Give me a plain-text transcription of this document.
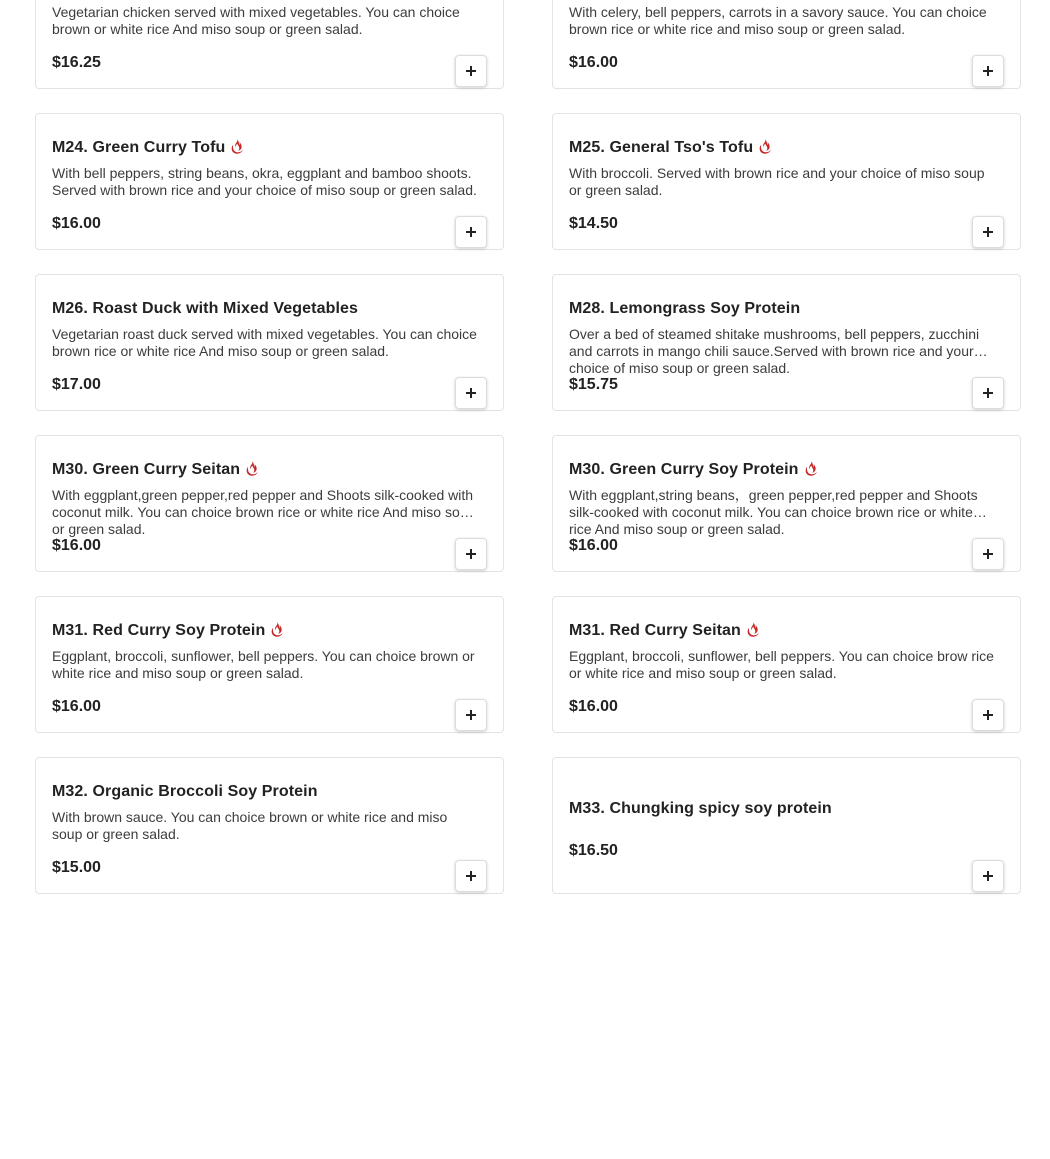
Vegetarian chicken served with mixed vegetables. You can choice brown or white rice And miso soup or green salad.
$16.25
With celery, bell peppers, carrots in a savory sauce. You can choice brown rice or white rice and miso soup or green salad.
$16.00
M24. Green Curry Tofu
With bell peppers, string beans, okra, eggplant and bamboo shoots. Served with brown rice and your choice of miso soup or green salad.
$16.00
M25. General Tso's Tofu
With broccoli. Served with brown rice and your choice of miso soup or green salad.
$14.50
M26. Roast Duck with Mixed Vegetables
Vegetarian roast duck served with mixed vegetables. You can choice brown rice or white rice And miso soup or green salad.
$17.00
M28. Lemongrass Soy Protein
Over a bed of steamed shitake mushrooms, bell peppers, zucchini and carrots in mango chili sauce.Served with brown rice and your choice of miso soup or green salad.
$15.75
M30. Green Curry Seitan
With eggplant,green pepper,red pepper and Shoots silk-cooked with coconut milk. You can choice brown rice or white rice And miso soup or green salad.
$16.00
M30. Green Curry Soy Protein
With eggplant,string beans，green pepper,red pepper and Shoots silk-cooked with coconut milk. You can choice brown rice or white rice And miso soup or green salad.
$16.00
M31. Red Curry Soy Protein
Eggplant, broccoli, sunflower, bell peppers. You can choice brown or white rice and miso soup or green salad.
$16.00
M31. Red Curry Seitan
Eggplant, broccoli, sunflower, bell peppers. You can choice brow rice or white rice and miso soup or green salad.
$16.00
M32. Organic Broccoli Soy Protein
With brown sauce. You can choice brown or white rice and miso soup or green salad.
$15.00
M33. Chungking spicy soy protein
$16.50
